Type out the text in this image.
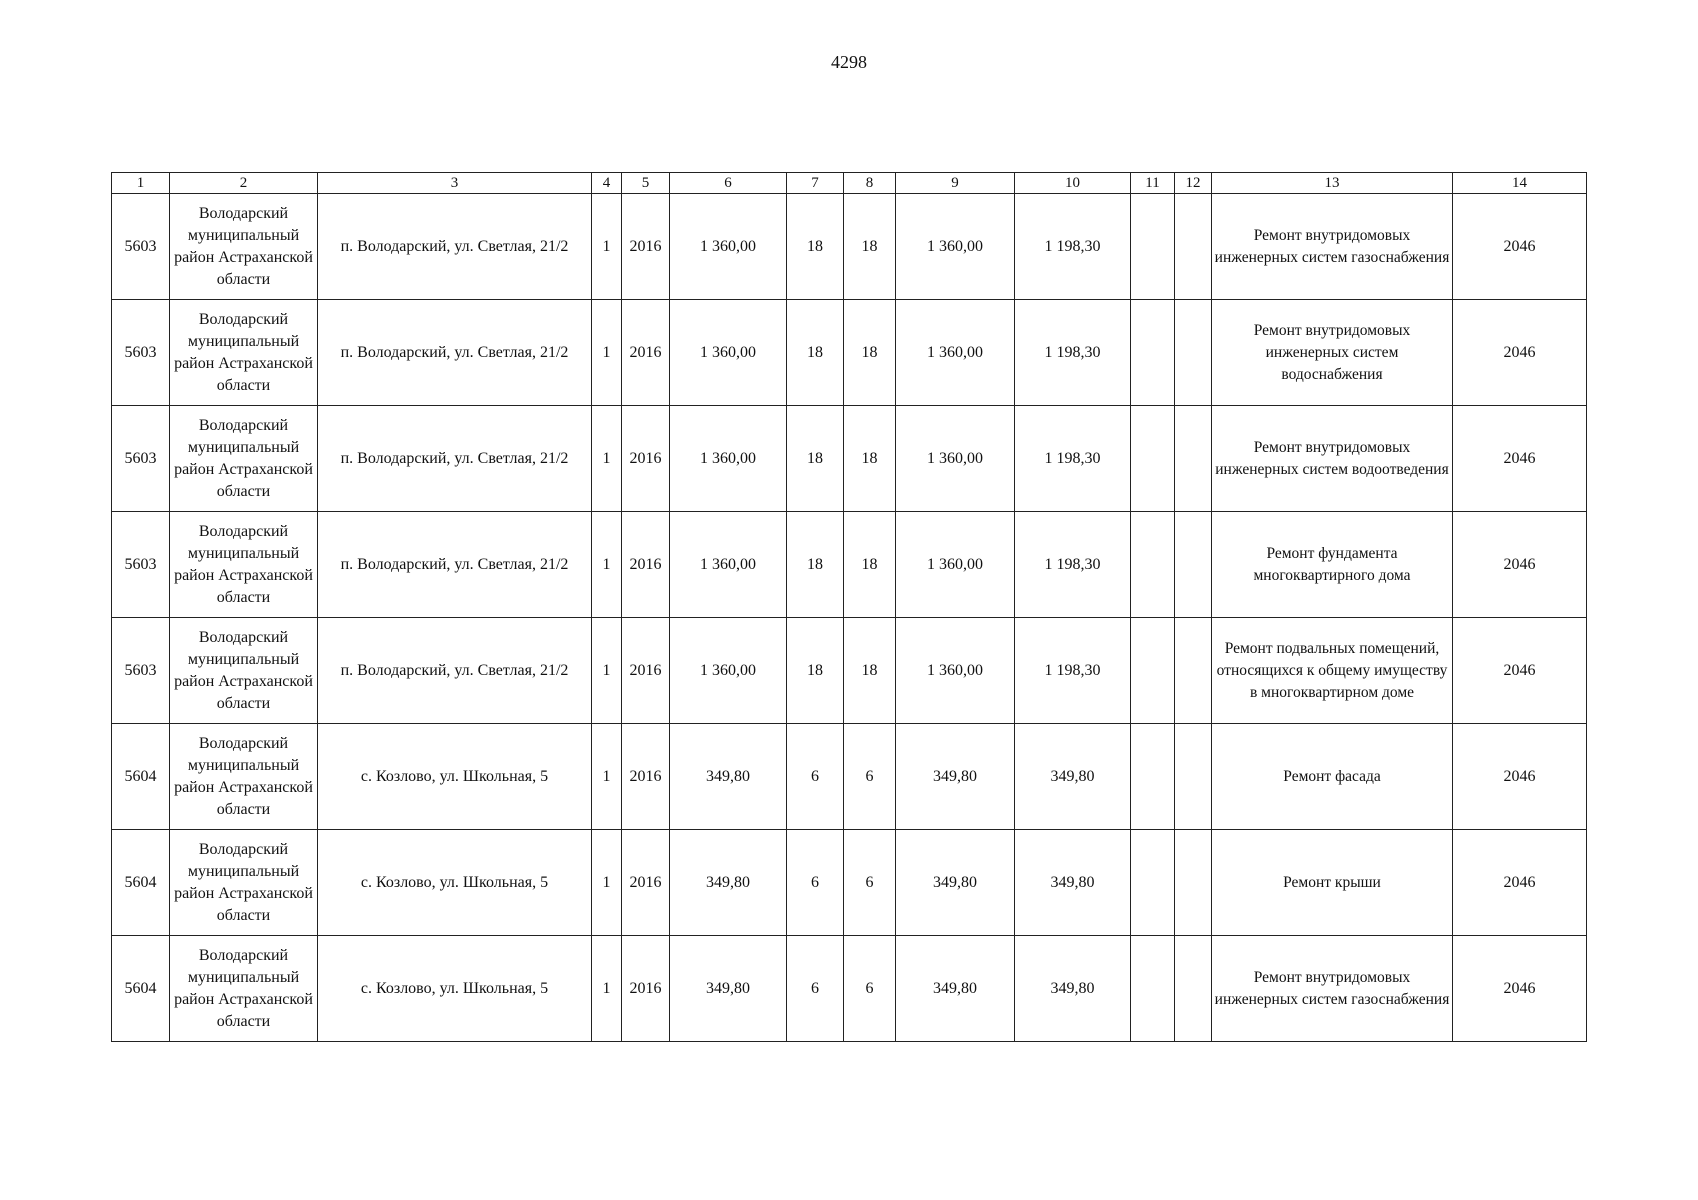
4298
1	2	3	4	5	6	7	8	9	10	11	12	13	14
5603	Володарский муниципальный район Астраханской области	п. Володарский, ул. Светлая, 21/2	1	2016	1 360,00	18	18	1 360,00	1 198,30			Ремонт внутридомовых инженерных систем газоснабжения	2046
5603	Володарский муниципальный район Астраханской области	п. Володарский, ул. Светлая, 21/2	1	2016	1 360,00	18	18	1 360,00	1 198,30			Ремонт внутридомовых инженерных систем водоснабжения	2046
5603	Володарский муниципальный район Астраханской области	п. Володарский, ул. Светлая, 21/2	1	2016	1 360,00	18	18	1 360,00	1 198,30			Ремонт внутридомовых инженерных систем водоотведения	2046
5603	Володарский муниципальный район Астраханской области	п. Володарский, ул. Светлая, 21/2	1	2016	1 360,00	18	18	1 360,00	1 198,30			Ремонт фундамента многоквартирного дома	2046
5603	Володарский муниципальный район Астраханской области	п. Володарский, ул. Светлая, 21/2	1	2016	1 360,00	18	18	1 360,00	1 198,30			Ремонт подвальных помещений, относящихся к общему имуществу в многоквартирном доме	2046
5604	Володарский муниципальный район Астраханской области	с. Козлово, ул. Школьная, 5	1	2016	349,80	6	6	349,80	349,80			Ремонт фасада	2046
5604	Володарский муниципальный район Астраханской области	с. Козлово, ул. Школьная, 5	1	2016	349,80	6	6	349,80	349,80			Ремонт крыши	2046
5604	Володарский муниципальный район Астраханской области	с. Козлово, ул. Школьная, 5	1	2016	349,80	6	6	349,80	349,80			Ремонт внутридомовых инженерных систем газоснабжения	2046
